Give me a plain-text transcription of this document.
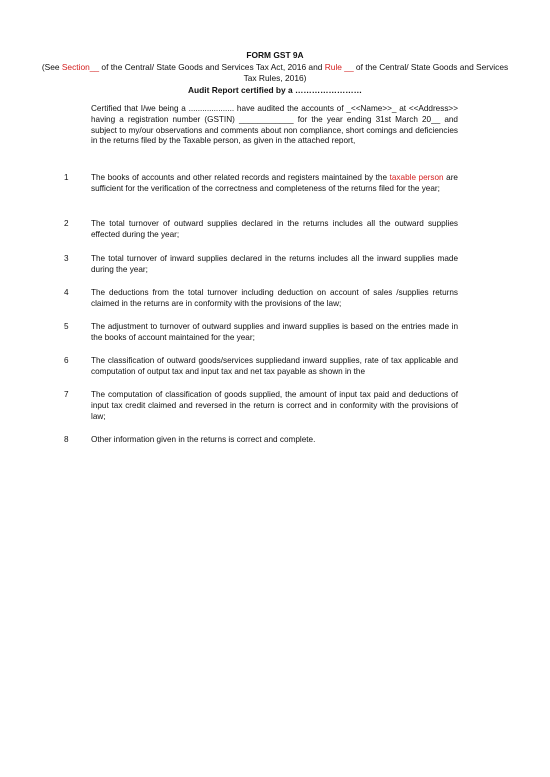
FORM GST 9A
(See Section__ of the Central/ State Goods and Services Tax Act, 2016 and Rule __ of the Central/ State Goods and Services Tax Rules, 2016)
Audit Report certified by a ……………………
Certified that I/we being a .................... have audited the accounts of _<<Name>>_ at <<Address>> having a registration number (GSTIN) ____________ for the year ending 31st March 20__ and subject to my/our observations and comments about non compliance, short comings and deficiencies in the returns filed by the Taxable person, as given in the attached report,
1	The books of accounts and other related records and registers maintained by the taxable person are sufficient for the verification of the correctness and completeness of the returns filed for the year;
2	The total turnover of outward supplies declared in the returns includes all the outward supplies effected during the year;
3	The total turnover of inward supplies declared in the returns includes all the inward supplies made during the year;
4	The deductions from the total turnover including deduction on account of sales /supplies returns claimed in the returns are in conformity with the provisions of the law;
5	The adjustment to turnover of outward supplies and inward supplies is based on the entries made in the books of account maintained for the year;
6	The classification of outward goods/services suppliedand inward supplies, rate of tax applicable and computation of output tax and input tax and net tax payable as shown in the
7	The computation of classification of goods supplied, the amount of input tax paid and deductions of input tax credit claimed and reversed in the return is correct and in conformity with the provisions of law;
8	Other information given in the returns is correct and complete.
